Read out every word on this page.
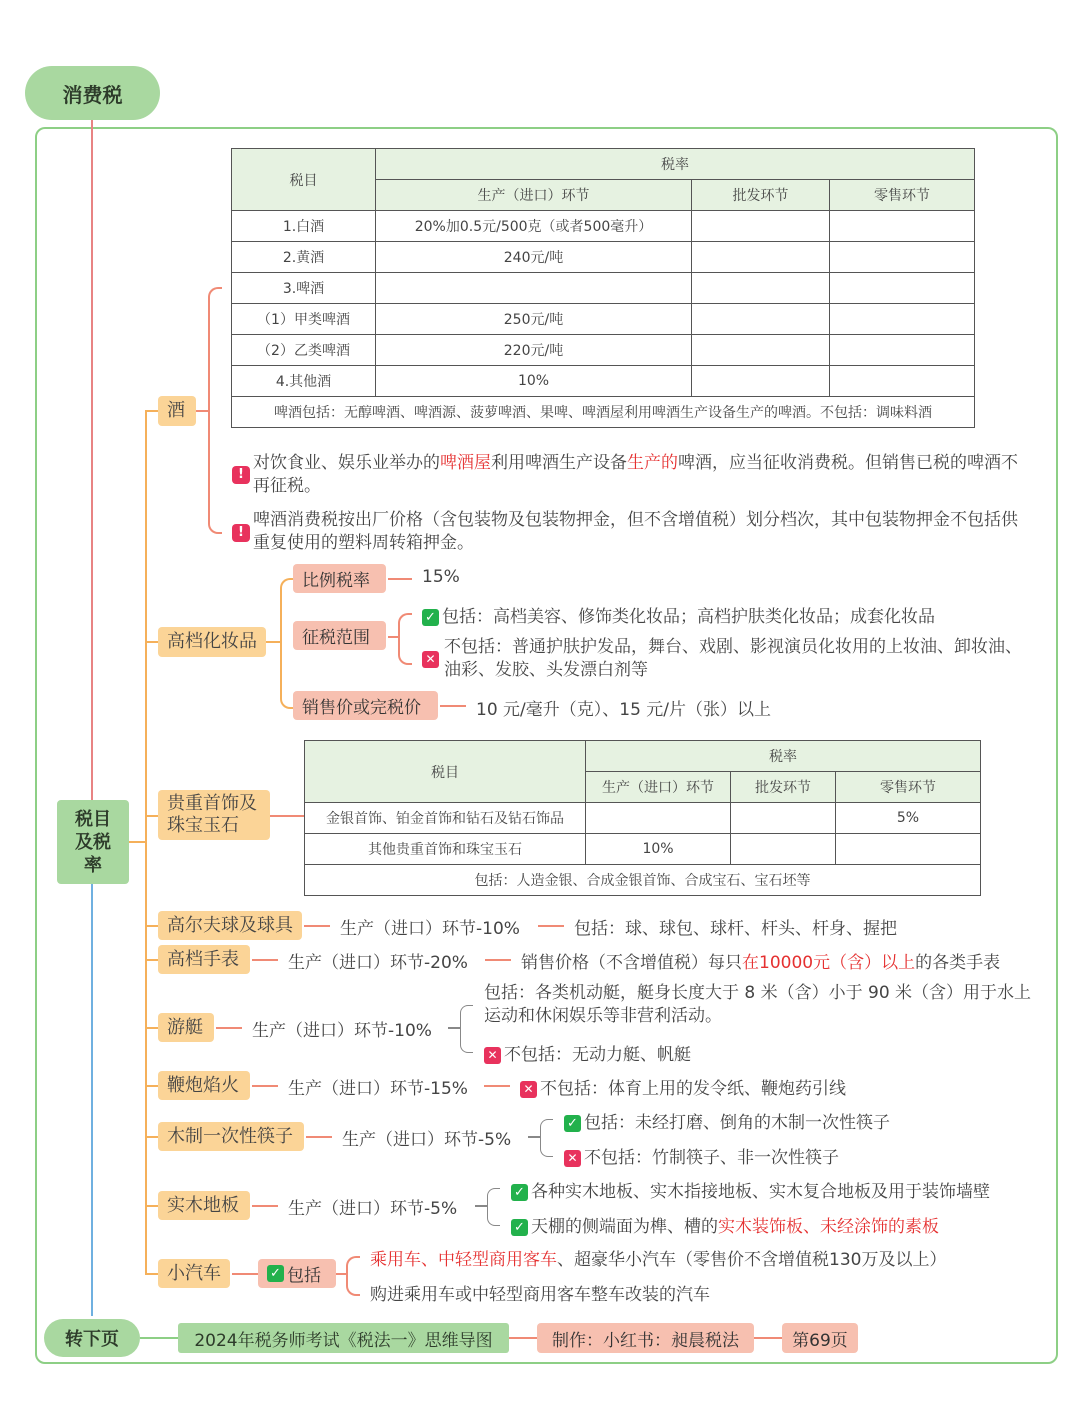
消费税
税目及税率
酒
税目	税率		
	生产（进口）环节	批发环节	零售环节
1.白酒	20%加0.5元/500克（或者500毫升）		
2.黄酒	240元/吨		
3.啤酒			
（1）甲类啤酒	250元/吨		
（2）乙类啤酒	220元/吨		
4.其他酒	10%		
啤酒包括：无醇啤酒、啤酒源、菠萝啤酒、果啤、啤酒屋利用啤酒生产设备生产的啤酒。不包括：调味料酒			
!
对饮食业、娱乐业举办的啤酒屋利用啤酒生产设备生产的啤酒，应当征收消费税。但销售已税的啤酒不再征税。
!
啤酒消费税按出厂价格（含包装物及包装物押金，但不含增值税）划分档次，其中包装物押金不包括供重复使用的塑料周转箱押金。
高档化妆品
比例税率	15%
征税范围
✓ 包括：高档美容、修饰类化妆品；高档护肤类化妆品；成套化妆品
✕
不包括：普通护肤护发品，舞台、戏剧、影视演员化妆用的上妆油、卸妆油、油彩、发胶、头发漂白剂等
销售价或完税价	10 元/毫升（克）、15 元/片（张）以上
贵重首饰及珠宝玉石
税目	税率		
	生产（进口）环节	批发环节	零售环节
金银首饰、铂金首饰和钻石及钻石饰品			5%
其他贵重首饰和珠宝玉石	10%		
包括：人造金银、合成金银首饰、合成宝石、宝石坯等			
高尔夫球及球具	生产（进口）环节-10%	包括：球、球包、球杆、杆头、杆身、握把
高档手表	生产（进口）环节-20%	销售价格（不含增值税）每只在10000元（含）以上的各类手表
游艇	生产（进口）环节-10%
包括：各类机动艇，艇身长度大于 8 米（含）小于 90 米（含）用于水上运动和休闲娱乐等非营利活动。
✕ 不包括：无动力艇、帆艇
鞭炮焰火	生产（进口）环节-15%	✕ 不包括：体育上用的发令纸、鞭炮药引线
木制一次性筷子	生产（进口）环节-5%
✓ 包括：未经打磨、倒角的木制一次性筷子
✕ 不包括：竹制筷子、非一次性筷子
实木地板	生产（进口）环节-5%
✓ 各种实木地板、实木指接地板、实木复合地板及用于装饰墙壁
✓ 天棚的侧端面为榫、槽的实木装饰板、未经涂饰的素板
小汽车	✓ 包括
乘用车、中轻型商用客车、超豪华小汽车（零售价不含增值税130万及以上）
购进乘用车或中轻型商用客车整车改装的汽车
转下页	2024年税务师考试《税法一》思维导图	制作：小红书：昶晨税法	第69页
